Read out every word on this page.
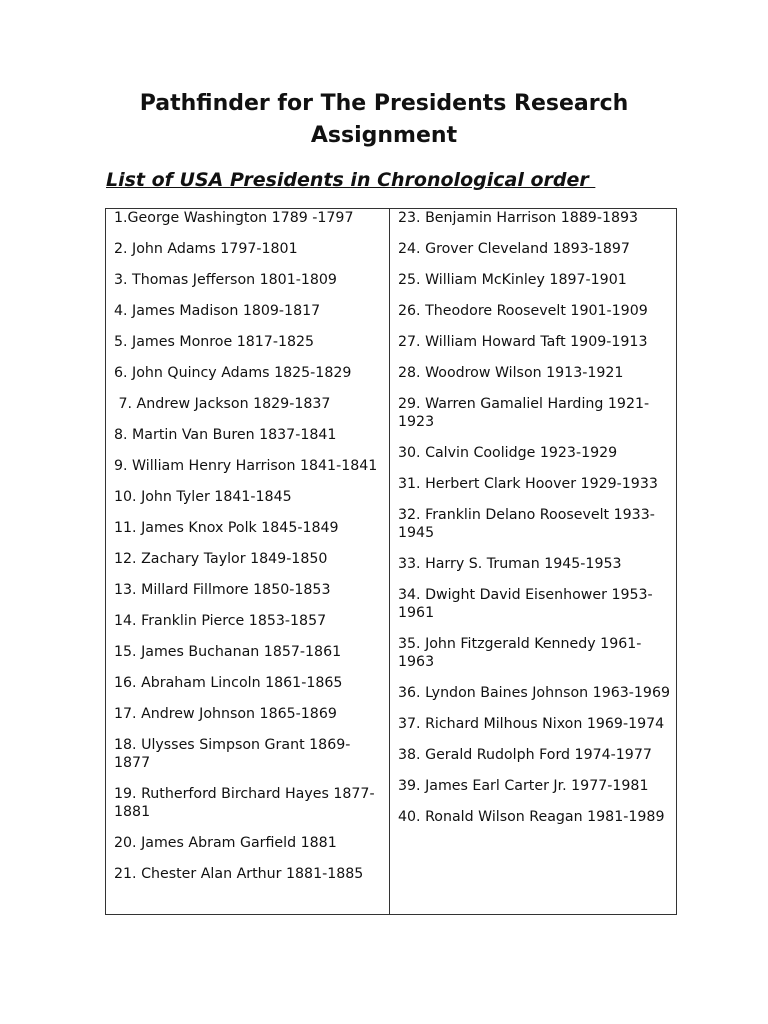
Pathfinder for The Presidents Research Assignment
List of USA Presidents in Chronological order

1.George Washington 1789 -1797

2. John Adams 1797-1801

3. Thomas Jefferson 1801-1809

4. James Madison 1809-1817

5. James Monroe 1817-1825

6. John Quincy Adams 1825-1829

7. Andrew Jackson 1829-1837

8. Martin Van Buren 1837-1841

9. William Henry Harrison 1841-1841

10. John Tyler 1841-1845

11. James Knox Polk 1845-1849

12. Zachary Taylor 1849-1850

13. Millard Fillmore 1850-1853

14. Franklin Pierce 1853-1857

15. James Buchanan 1857-1861

16. Abraham Lincoln 1861-1865

17. Andrew Johnson 1865-1869

18. Ulysses Simpson Grant 1869-1877

19. Rutherford Birchard Hayes 1877-1881

20. James Abram Garfield 1881

21. Chester Alan Arthur 1881-1885

23. Benjamin Harrison 1889-1893

24. Grover Cleveland 1893-1897

25. William McKinley 1897-1901

26. Theodore Roosevelt 1901-1909

27. William Howard Taft 1909-1913

28. Woodrow Wilson 1913-1921

29. Warren Gamaliel Harding 1921-1923

30. Calvin Coolidge 1923-1929

31. Herbert Clark Hoover 1929-1933

32. Franklin Delano Roosevelt 1933-1945

33. Harry S. Truman 1945-1953

34. Dwight David Eisenhower 1953-1961

35. John Fitzgerald Kennedy 1961-1963

36. Lyndon Baines Johnson 1963-1969

37. Richard Milhous Nixon 1969-1974

38. Gerald Rudolph Ford 1974-1977

39. James Earl Carter Jr. 1977-1981

40. Ronald Wilson Reagan 1981-1989
